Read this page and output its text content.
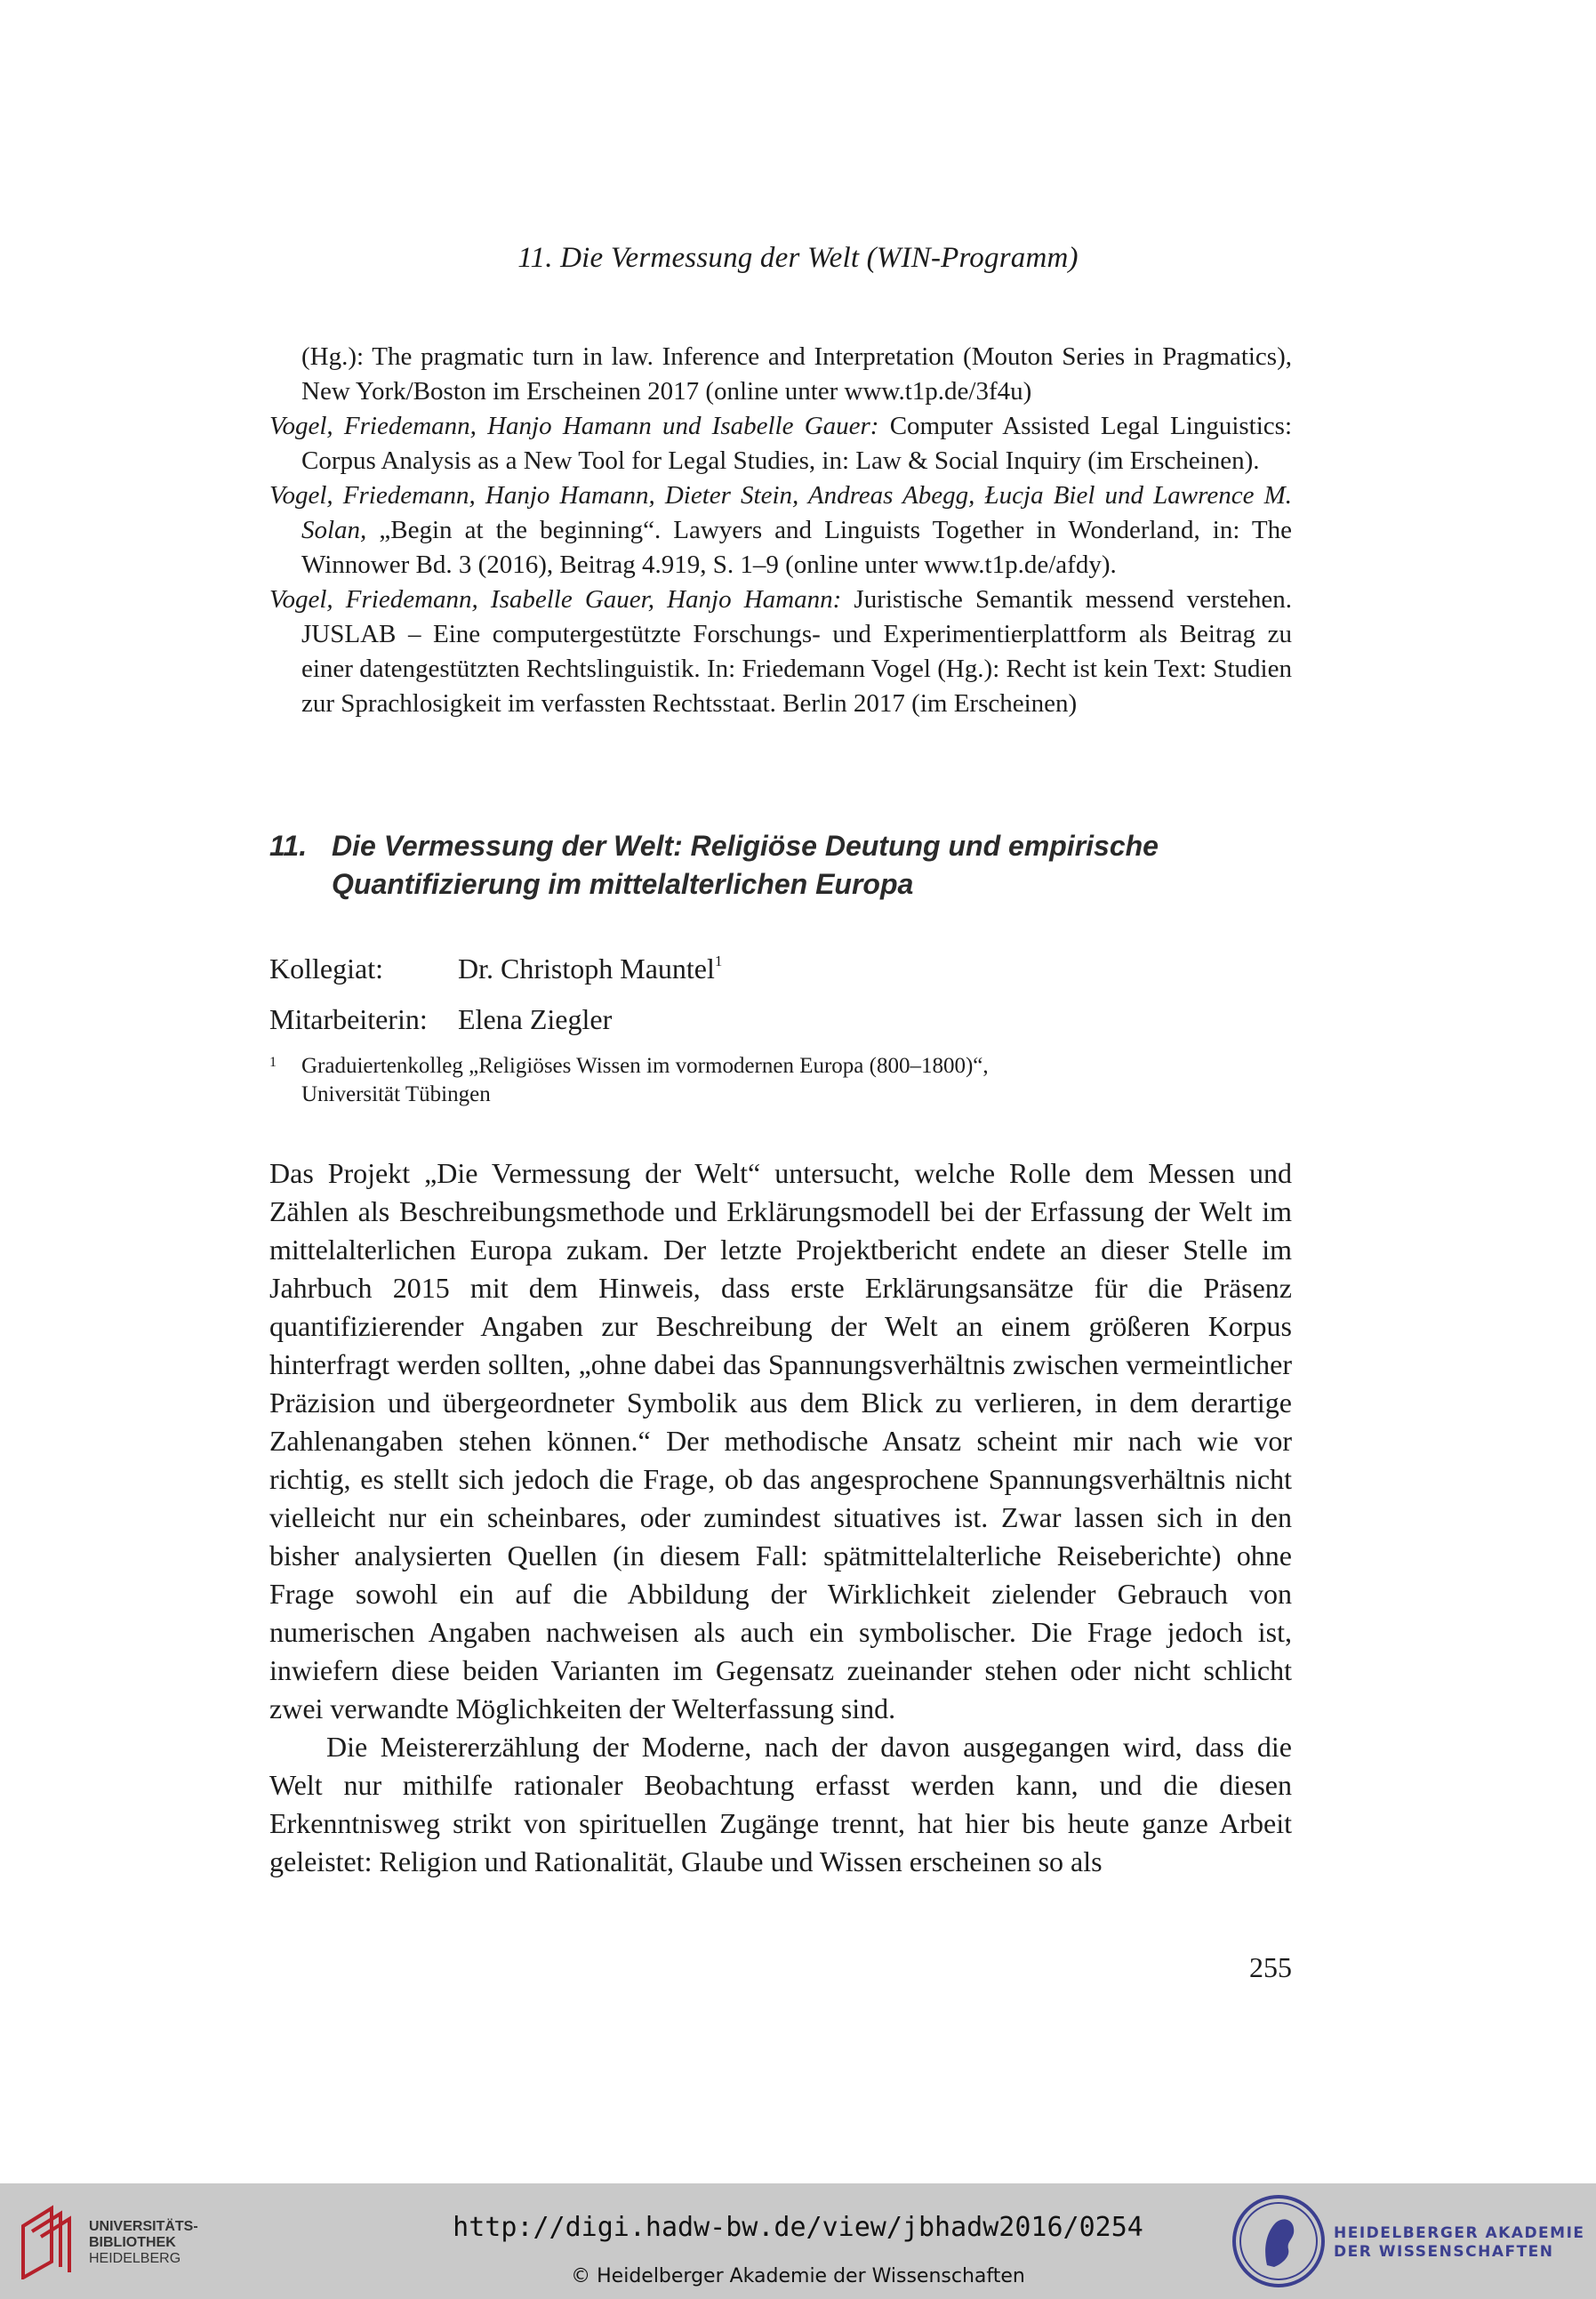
11. Die Vermessung der Welt (WIN-Programm)

(Hg.): The pragmatic turn in law. Inference and Interpretation (Mouton Series in Pragmatics), New York/Boston im Erscheinen 2017 (online unter www.t1p.de/3f4u)

Vogel, Friedemann, Hanjo Hamann und Isabelle Gauer: Computer Assisted Legal Linguistics: Corpus Analysis as a New Tool for Legal Studies, in: Law & Social Inquiry (im Erscheinen).

Vogel, Friedemann, Hanjo Hamann, Dieter Stein, Andreas Abegg, Łucja Biel und Lawrence M. Solan, „Begin at the beginning“. Lawyers and Linguists Together in Wonderland, in: The Winnower Bd. 3 (2016), Beitrag 4.919, S. 1–9 (online unter www.t1p.de/afdy).

Vogel, Friedemann, Isabelle Gauer, Hanjo Hamann: Juristische Semantik messend verstehen. JUSLAB – Eine computergestützte Forschungs- und Experimentierplattform als Beitrag zu einer datengestützten Rechtslinguistik. In: Friedemann Vogel (Hg.): Recht ist kein Text: Studien zur Sprachlosigkeit im verfassten Rechtsstaat. Berlin 2017 (im Erscheinen)

11. Die Vermessung der Welt: Religiöse Deutung und empirische Quantifizierung im mittelalterlichen Europa
Kollegiat:	Dr. Christoph Mauntel$^1$
Mitarbeiterin: Elena Ziegler
1 Graduiertenkolleg „Religiöses Wissen im vormodernen Europa (800–1800)“,
Universität Tübingen

Das Projekt „Die Vermessung der Welt“ untersucht, welche Rolle dem Messen und Zählen als Beschreibungsmethode und Erklärungsmodell bei der Erfassung der Welt im mittelalterlichen Europa zukam. Der letzte Projektbericht endete an dieser Stelle im Jahrbuch 2015 mit dem Hinweis, dass erste Erklärungsansätze für die Präsenz quantifizierender Angaben zur Beschreibung der Welt an einem größeren Korpus hinterfragt werden sollten, „ohne dabei das Spannungsverhältnis zwischen vermeintlicher Präzision und übergeordneter Symbolik aus dem Blick zu verlieren, in dem derartige Zahlenangaben stehen können.“ Der methodische Ansatz scheint mir nach wie vor richtig, es stellt sich jedoch die Frage, ob das angesprochene Spannungsverhältnis nicht vielleicht nur ein scheinbares, oder zumindest situatives ist. Zwar lassen sich in den bisher analysierten Quellen (in diesem Fall: spätmittelalterliche Reiseberichte) ohne Frage sowohl ein auf die Abbildung der Wirklichkeit zielender Gebrauch von numerischen Angaben nachweisen als auch ein symbolischer. Die Frage jedoch ist, inwiefern diese beiden Varianten im Gegensatz zueinander stehen oder nicht schlicht zwei verwandte Möglichkeiten der Welterfassung sind.

Die Meistererzählung der Moderne, nach der davon ausgegangen wird, dass die Welt nur mithilfe rationaler Beobachtung erfasst werden kann, und die diesen Erkenntnisweg strikt von spirituellen Zugänge trennt, hat hier bis heute ganze Arbeit geleistet: Religion und Rationalität, Glaube und Wissen erscheinen so als

255
UNIVERSITÄTS-
BIBLIOTHEK
HEIDELBERG
http://digi.hadw-bw.de/view/jbhadw2016/0254
© Heidelberger Akademie der Wissenschaften
HEIDELBERGER AKADEMIE
DER WISSENSCHAFTEN
